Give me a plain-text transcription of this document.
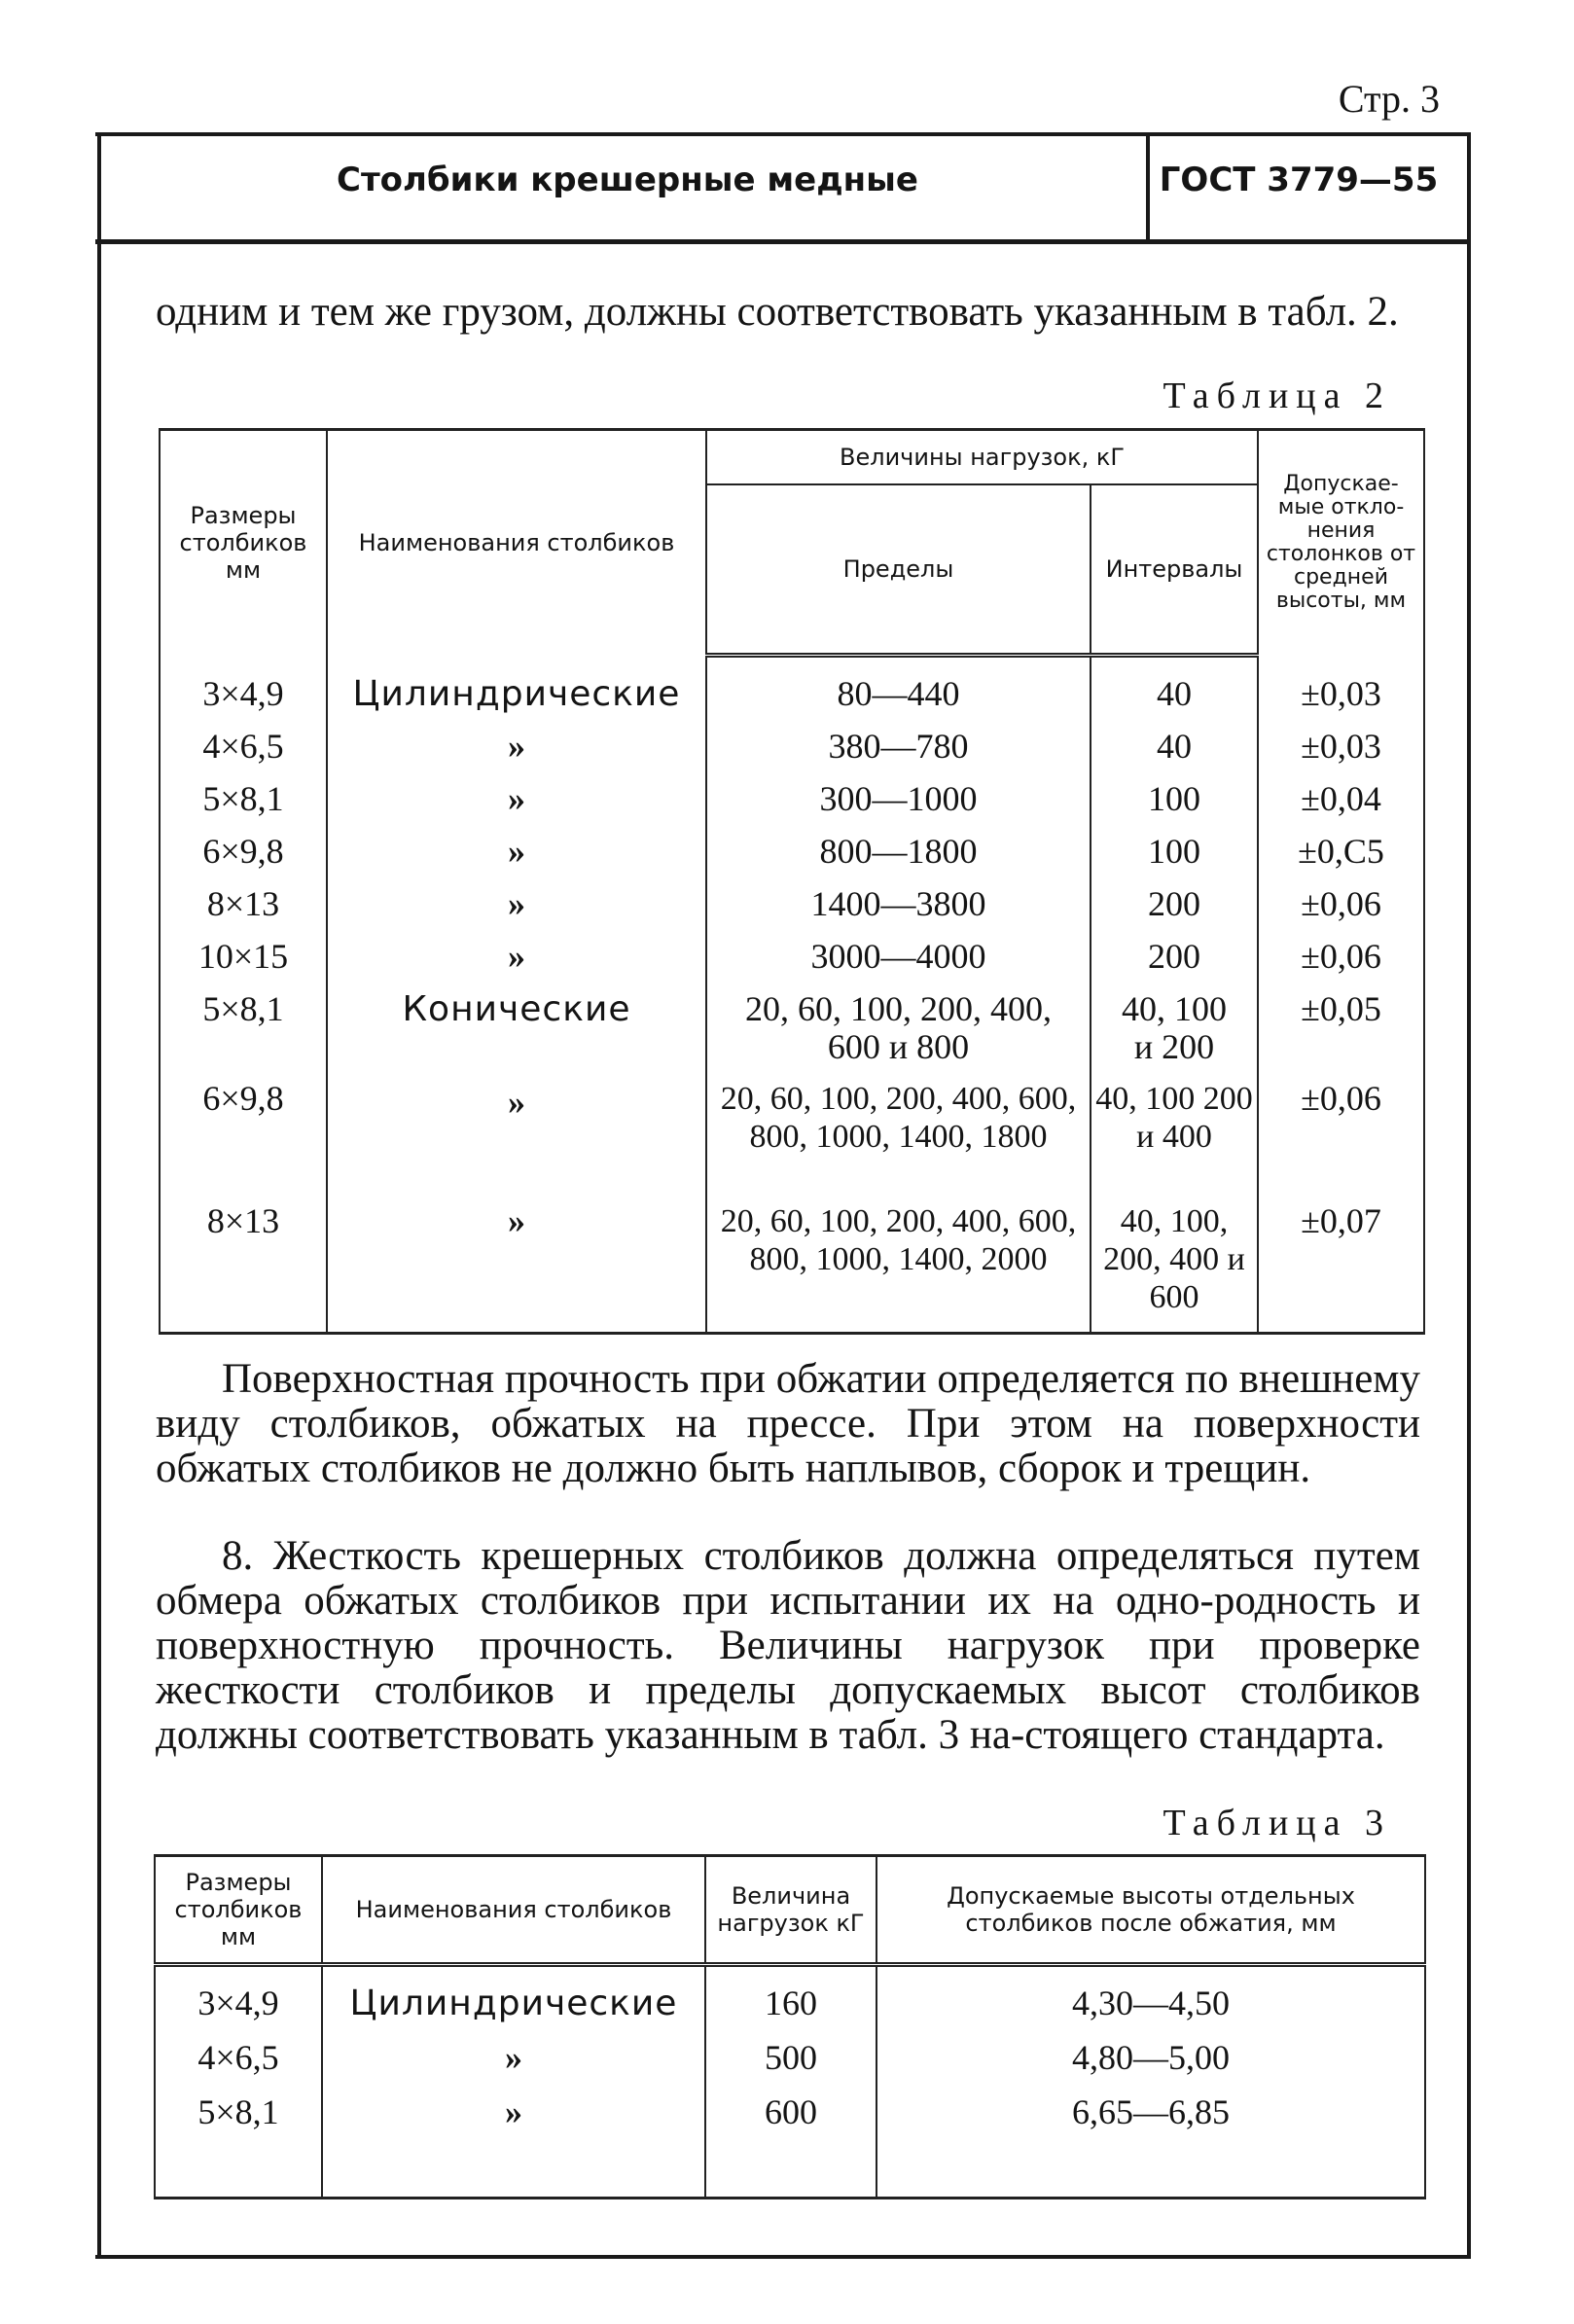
Стр. 3
Столбики крешерные медные	ГОСТ 3779—55
одним и тем же грузом, должны соответствовать указанным в табл. 2.
Таблица 2
Размеры столбиков мм	Наименования столбиков	Величины нагрузок, кГ		Допускае-мые откло-нения столонков от средней высоты, мм
		Пределы	Интервалы	

3×4,9	Цилиндрические	80—440	40	±0,03
4×6,5	»	380—780	40	±0,03
5×8,1	»	300—1000	100	±0,04
6×9,8	»	800—1800	100	±0,С5
8×13	»	1400—3800	200	±0,06
10×15	»	3000—4000	200	±0,06
5×8,1	Конические	20, 60, 100, 200, 400, 600 и 800	40, 100 и 200	±0,05
6×9,8	»	20, 60, 100, 200, 400, 600, 800, 1000, 1400, 1800	40, 100 200 и 400	±0,06
8×13	»	20, 60, 100, 200, 400, 600, 800, 1000, 1400, 2000	40, 100, 200, 400 и 600	±0,07
Поверхностная прочность при обжатии определяется по внешнему виду столбиков, обжатых на прессе. При этом на поверхности обжатых столбиков не должно быть наплывов, сборок и трещин.
8. Жесткость крешерных столбиков должна определяться путем обмера обжатых столбиков при испытании их на одно-родность и поверхностную прочность. Величины нагрузок при проверке жесткости столбиков и пределы допускаемых высот столбиков должны соответствовать указанным в табл. 3 на-стоящего стандарта.
Таблица 3
Размеры столбиков мм	Наименования столбиков	Величина нагрузок кГ	Допускаемые высоты отдельных столбиков после обжатия, мм

3×4,9	Цилиндрические	160	4,30—4,50
4×6,5	»	500	4,80—5,00
5×8,1	»	600	6,65—6,85
